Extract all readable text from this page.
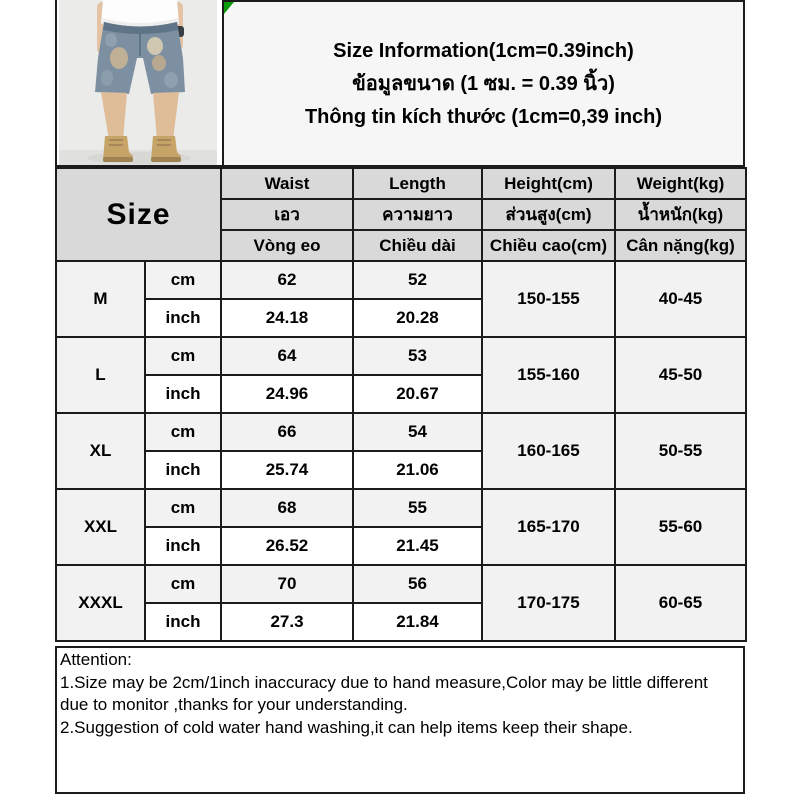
Size Information(1cm=0.39inch)
ข้อมูลขนาด (1 ซม. = 0.39 นิ้ว)
Thông tin kích thước (1cm=0,39 inch)
Size		Waist	Length	Height(cm)	Weight(kg)
		เอว	ความยาว	ส่วนสูง(cm)	น้ำหนัก(kg)
		Vòng eo	Chiều dài	Chiều cao(cm)	Cân nặng(kg)
M	cm	62	52	150-155	40-45
	inch	24.18	20.28		
L	cm	64	53	155-160	45-50
	inch	24.96	20.67		
XL	cm	66	54	160-165	50-55
	inch	25.74	21.06		
XXL	cm	68	55	165-170	55-60
	inch	26.52	21.45		
XXXL	cm	70	56	170-175	60-65
	inch	27.3	21.84		
Attention:
1.Size may be 2cm/1inch inaccuracy due to hand measure,Color may be little different due to monitor ,thanks for your understanding.
2.Suggestion of cold water hand washing,it can help items keep their shape.
